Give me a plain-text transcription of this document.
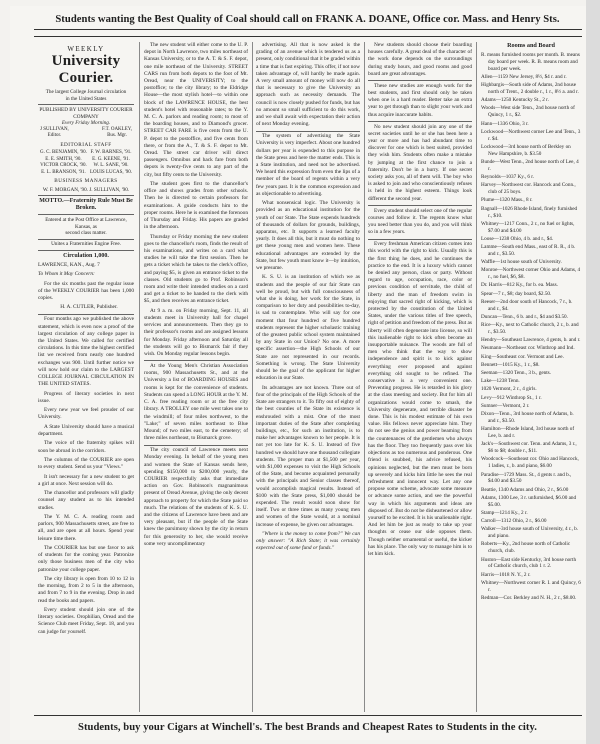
Students wanting the Best Quality of Coal should call on FRANK A. DOANE, Office cor. Mass. and Henry Sts.
WEEKLY
University Courier.
The largest College Journal circulation
in the United States
PUBLISHED BY UNIVERSITY COURIER COMPANY
Every Friday Morning.
J SULLIVAN,
Editor.
F.T. OAKLEY,
Bus. Mgr.
EDITORIAL STAFF
G. C. BENJAMIN, '90.
E. E. SMITH, '90.
VICTOR CROCK, '90.
E. L. BRANSON, '91.
F. W. BARNES, '91.
E. G. KEENE, '91.
W. L. SANE, '90.
LOUIS LUCAS, '90.
BUSINESS MANAGERS
W. F. MORGAN, '90. J. SULLIVAN, '90.
MOTTO.—Fraternity Rule Must Be Broken.
Entered at the Post Office at Lawrence, Kansas, as
second class matter.
Unites a Fraternities Engine Free.
Circulation 1,000.

LAWRENCE, KAN., Aug. 7

To Whom it May Concern:

For the six months past the regular issue of the WEEKLY COURIER has been 1,000 copies.

H. A. CUTLER, Publisher.

Four months ago we published the above statement, which is even now a proof of the largest circulation of any college paper in the United States. We called for certified circulations. In this time the highest certified list we received from nearly one hundred exchanges was 900. Until further notice we will now hold our claim to the LARGEST COLLEGE JOURNAL CIRCULATION IN THE UNITED STATES.

Progress of literary societies in next issue.

Every new year we feel prouder of our University.

A State University should have a musical department.

The voice of the fraternity spikes will soon be abroad in the corridors.

The columns of the COURIER are open to every student. Send us your "Views."

It isn't necessary for a new student to get a girl at once. Next session will do.

The chancellor and professors will gladly counsel any student as to his intended studies.

The Y. M. C. A. reading room and parlors, 900 Massachusetts street, are free to all, and are open at all hours. Spend your leisure time there.

The COURIER has but one favor to ask of students for the coming year. Patronize only those business men of the city who patronize your college paper.

The city library is open from 10 to 12 in the morning, from 2 to 5 in the afternoon, and from 7 to 9 in the evening. Drop in and read the books and papers.

Every student should join one of the literary societies. Orophilian, Oread and the Science Club meet Friday, Sept. 18, and you can judge for yourself.

The new student will either come to the U. P. depot in North Lawrence, two miles northeast of Kansas University, or to the A. T. & S. F. depot, one mile northeast of the University. STREET CARS run from both depots to the foot of Mt. Oread, near the UNIVERSITY; to the postoffice; to the city library; to the Eldridge House—the most stylish hotel—to within one block of the LAWRENCE HOUSE, the best student's hotel with reasonable rates; to the Y. M. C. A. parlors and reading room; to most of the boarding houses, and to Diamond's grocer. STREET CAR FARE is five cents from the U. P. depot to the postoffice, and five cents from there, or from the A., T. & S. F. depot to Mt. Oread. The street car driver will direct passengers. Omnibus and hack fare from both depots is twenty-five cents to any part of the city, but fifty cents to the University.

The student goes first to the chancellor's office and shows grades from other schools. Then he is directed to certain professors for examinations. A guide conducts him to the proper rooms. Here he is examined the forenoon of Thursday and Friday. His papers are graded in the afternoon.

Thursday or Friday morning the new student goes to the chancellor's room, finds the result of his examinations, and writes on a card what studies he will take the first session. Then he gets a ticket which he takes to the clerk's office, and paying $5, is given an entrance ticket to the classes. Old students go to Prof. Robinson's room and write their intended studies on a card and get a ticket to be handed to the clerk with $5, and then receives an entrance ticket.

At 9 a. m. on Friday morning, Sept. 11, all students meet in University hall for chapel services and announcements. Then they go to their professor's rooms and are assigned lessons for Monday. Friday afternoon and Saturday all the students will go to Bismarck fair if they wish. On Monday regular lessons begin.

At the Young Men's Christian Association rooms, 900 Massachusetts St., and at the University a list of BOARDING HOUSES and rooms is kept for the convenience of students. Students can spend a LONG HOUR at the Y. M. C. A. free reading room or at the free city library. A TROLLEY one mile west takes one to the windmill; of four miles northwest, to the "Lake;" of seven miles northeast to Blue Mound; of two miles east, to the cemetery; of three miles northeast, to Bismarck grove.

The city council of Lawrence meets next Monday evening. In behalf of the young men and women the State of Kansas sends here, spending $150,000 to $200,000 yearly, the COURIER respectfully asks that immediate action on Gov. Robinson's magnanimous present of Oread Avenue, giving the only decent approach to property for which the State paid so much. The relations of the students of K. S. U. and the citizens of Lawrence have been and are very pleasant, but if the people of the State knew the parsimony shown by the city in return for this generosity to her, she would receive some very uncomplimentary

advertising. All that is now asked is the grading of an avenue which is tendered us as a present, only conditional that it be graded within a time that is fast expiring. This offer, if not now taken advantage of, will hardly be made again. A very small amount of money will now do all that is necessary to give the University an approach such as necessity demands. The council is now closely pushed for funds, but has no amount so small sufficient to do this work, and we shall await with expectation their action of next Monday evening.

The system of advertising the State University is very imperfect. About one hundred dollars per year is expended to this purpose in the State press and here the matter ends. This is a State institution, and need not be advertised. We heard this expression from even the lips of a member of the board of regents within a very few years past. It is the common expression and as objectionable to advertising.

What nonsensical logic. The University is provided as an educational institution for the youth of our State. The State expends hundreds of thousands of dollars for grounds, buildings, apparatus, etc. It supports a learned faculty yearly. It does all this, but it must do nothing to get these young men and women here. These educational advantages are extended by the State, but few youth must know it—by intuition, we presume.

K. S. U. is an institution of which we as students and the people of our fair State can well be proud, but with full consciousness of what she is doing, her work for the State, in comparison to her duty and possibilities to-day, is sad to contemplate. Who will say for one moment that four hundred or five hundred students represent the higher scholastic training of the greatest public school system maintained by any State in our Union? No one. A more specific assertion—the High Schools of our State are not represented in our records. Something is wrong. The State University should be the goal of the applicant for higher education in our State.

Its advantages are not known. Three out of four of the principals of the High Schools of the State are strangers to it. To fifty out of eighty of the best counties of the State its existence is enshrouded with a mist. One of the most important duties of the State after completing buildings, etc., for such an institution, is to make her advantages known to her people. It is not yet too late for K. S. U. Instead of five hundred we should have one thousand collegiate students. The proper man at $1,500 per year, with $1,000 expenses to visit the High Schools of the State, and become acquainted personally with the principals and Senior classes thereof, would accomplish magical results. Instead of $100 with the State press, $1,000 should be expended. The result would soon show for itself. Two or three times as many young men and women of the State would, at a nominal increase of expense, be given our advantages.

"Where is the money to come from?" We can only answer: "A Rich State; it was certainly expected out of some fund or funds."

New students should choose their boarding houses carefully. A great deal of the character of the work done depends on the surroundings during study hours, and good rooms and good board are great advantages.

These new studies are enough work for the best students, and first should only be taken when one is a hard reader. Better take an extra year to get through than to slight your work and thus acquire inaccurate habits.

No new student should join any one of the secret societies until he or she has been here a year or more and has had abundant time to discover for one which is best suited, provided they wish him. Students often make a mistake by jumping at the first chance to join a fraternity. Don't be in a hurry. If one secret society asks you, all of them will. The boy who is asked to join and who conscientiously refuses is held in the highest esteem. Things look different the second year.

Every student should select one of the regular courses and follow it. The regents know what you need better than you do, and you will think so in a few years.

Every freshman American citizen comes into this world with the right to kick. Usually this is the first thing he does, and he continues the practice to the end. It is a luxury which cannot be denied any person, class or party. Without regard to age, occupation, race, color or previous condition of servitude, the child of liberty and the man of freedom swim in enjoying that sacred right of kicking, which is protected by the constitution of the United States, under the various titles of free speech, right of petition and freedom of the press. But as liberty will often degenerate into license, so will this inalienable right to kick often become an insupportable nuisance. The woods are full of men who think that the way to show independence and spirit is to kick against everything ever proposed and against everything old sought to be refined. The conservative is a very convenient one. Preventing progress. He is retarded in his glory at the class meeting and society. But for him all organizations would come to smash, the University degenerate, and terrible disaster be done. This is his modest estimate of his own value. His fellows never appreciate him. They do not see the genius and power beaming from the countenances of the gentlemen who always has the floor. They too frequently pass over his objections as too numerous and ponderous. One friend is snubbed, his advice refused, his opinions neglected, but the men must be born up severely and kicks him little he sees the real refreshment and innocent way. Let any one propose some scheme, advocate some measure or advance some action, and see the powerful way in which his arguments and ideas are disposed of. But do not be disheartened or allow yourself to be excited. It is his unalienable right. And let him be just as ready to take up your thoughts or cease our side opposes them. Though neither ornamental or useful, the kicker has his place. The only way to manage him is to let him kick.

Rooms and Board

R. means furnished rooms per month. B. means day board per week. R. B. means room and board per week.

Allen—1159 New Jersey, 8½, $4 r. and r.

Highbargis—South side of Adams, 2nd house north of Trent., 2 double r., 1 r., 8½ a. and r.

Adams—1250 Kentucky St., 2 r.

Woods—West side Tenn., 2nd house north of Quincy, 1 r., $2.

Hann—1336 Ohio, 3 r.

Lockwood—Northwest corner Lee and Tenn., 3 r. $4.

Lockwood—3rd house north of Berkley on New Hampshire, b. $3.50

Bunde—West Tenn., 2nd house north of Lee, 4 r.

Reynolds—1037 Ky., 6 r.

Harvey—Northwest cor. Hancock and Conn., club of 25 boys.

Plume—1320 Mass., 8 r.

Bagnall—1026 Rhode Island, finely furnished r., $10.

Whitney—1217 Conn., 2 r., no fuel or lights, $7.00 and $4.00

Loose—1238 Ohio, 4 b. and r., $4.

Lamme—South end Mass., east of R. R., 4 b. and r., $3.50.

Waffle—1st house south of University.

Monroe—Northwest corner Ohio and Adams, 4 r., no fuel, $6, $8.

Dr. Harris—812 Ky., for b. ea. Mass.

Spear—7 r., $8; day board, $2.50.

Reeser—2nd door south of Hancock, 7 r., b. and r., $4.

Duncan—Tenn., 6 b. and r., $4 and $3.50.

Rice—Ky., next to Catholic church, 2 r., b. and r., $3.50.

Hendry—Southeast Lawrence, 4 gents, b. and r.

Neumann—Northeast cor. Winthrop and Ind.

King—Southeast cor. Vermont and Lee.

Bennett—1015 Ky., 1 r., $8.

Seeman—1320 Tenn., 3 b., gents.

Lake—1238 Tenn.

1020 Vermont, 2 r., 4 girls.

Levy—912 Winthrop St., 1 r.

Sumner—Vermont, 2 r.

Dixon—Tenn., 3rd house north of Adams, b. and r., $3.50.

Hamilton—Rhode Island, 3rd house north of Lee, b. and r.

Jack's—Southwest cor. Tenn. and Adams, 3 r., $6 to $8; double r., $11.

Woodcock—Southeast cor. Ohio and Hancock, 1 ladies, r., b. and piano, $6.00

Paradise—1729 Mass. St., 4 gents r. and b., $4.00 and $3.50

Beattie, 1340 Adams and Ohio, 2 r., $6.00

Adams, 1300 Lee, 3 r. unfurnished, $6.00 and $5.00.

Stamp—1214 Ky., 2 r.

Carroll—1312 Ohio, 2 r., $6.00

Walker—3rd house south of University, 4 r., b. and piano.

Roberts—Ky., 2nd house north of Catholic church, club.

Huston—East side Kentucky, 3rd house north of Catholic church, club 1 r. 2.

Harris—1018 N. Y., 2 r.

Whitney—Northwest corner R. I. and Quincy, 6 r.

Redman—Cor. Berkley and N. H., 2 r., $8.00.

Students, buy your Cigars at Winchell's. The best Brands and Cheapest Rates to Students in the city.
